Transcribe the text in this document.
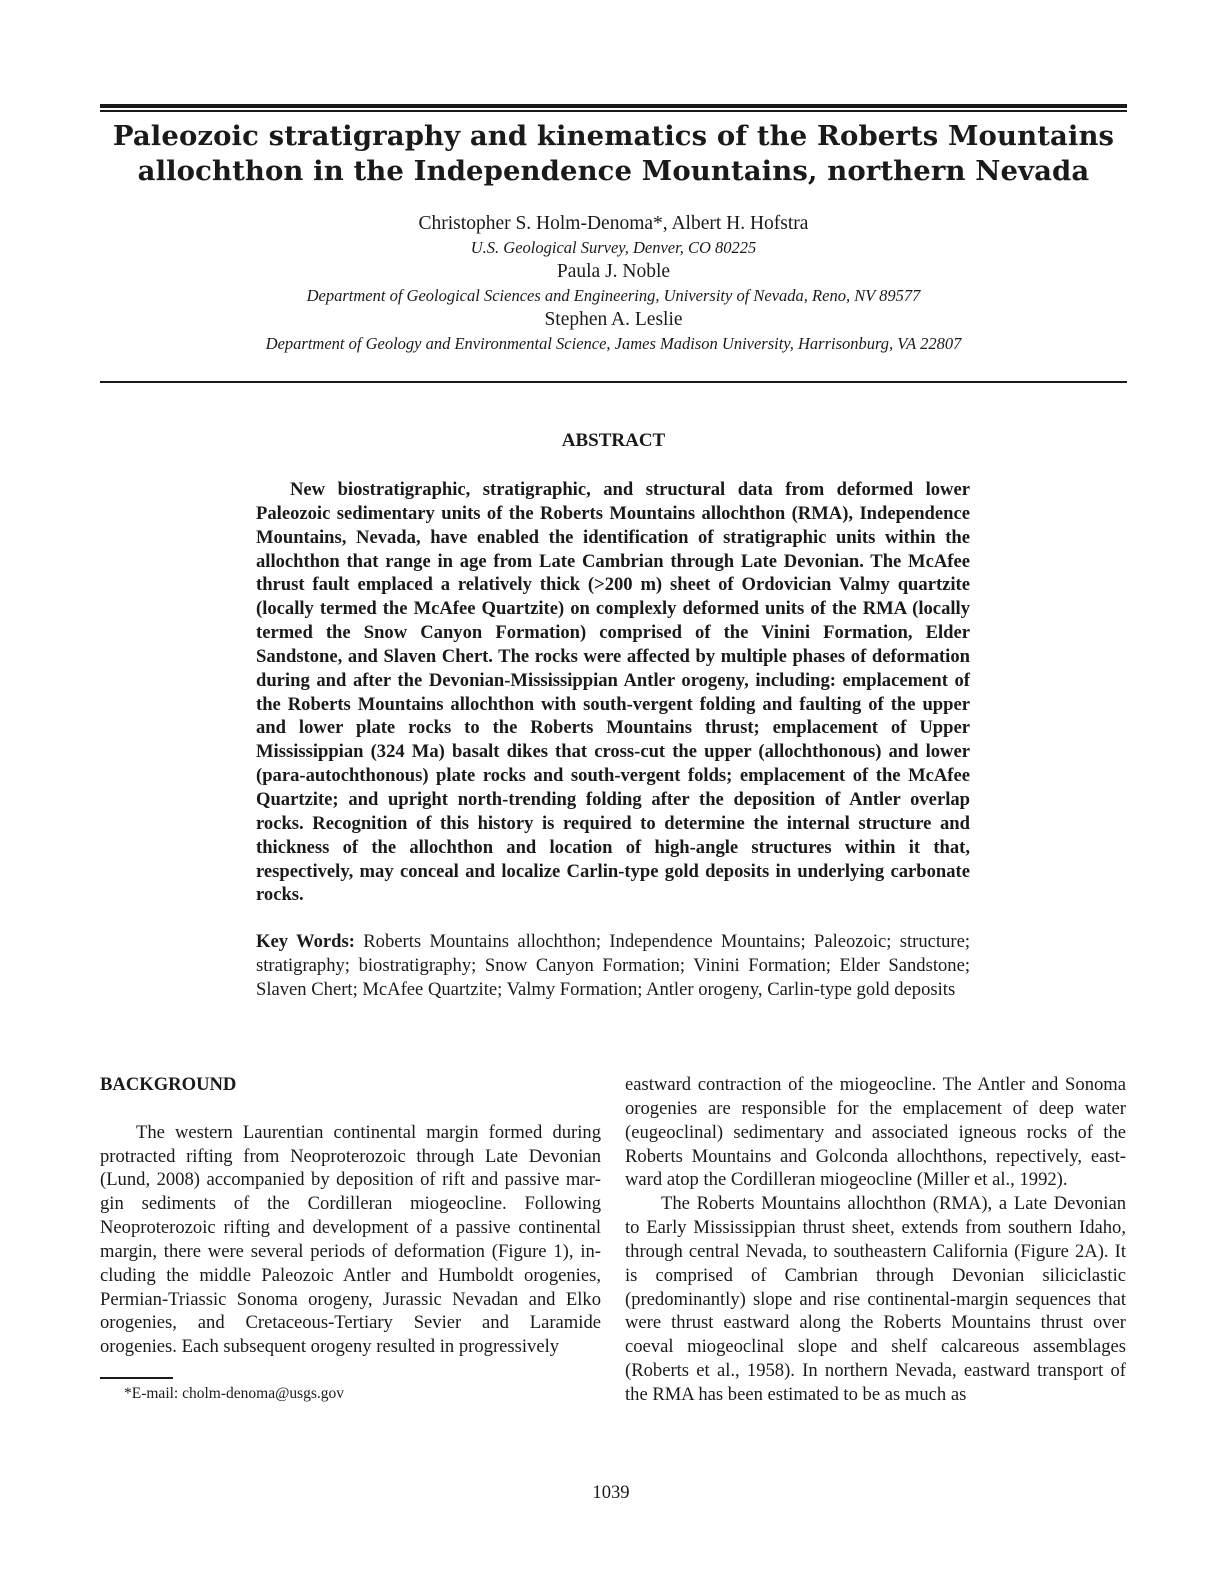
Paleozoic stratigraphy and kinematics of the Roberts Mountains
allochthon in the Independence Mountains, northern Nevada
Christopher S. Holm-Denoma*, Albert H. Hofstra
U.S. Geological Survey, Denver, CO 80225
Paula J. Noble
Department of Geological Sciences and Engineering, University of Nevada, Reno, NV 89577
Stephen A. Leslie
Department of Geology and Environmental Science, James Madison University, Harrisonburg, VA 22807
ABSTRACT

New biostratigraphic, stratigraphic, and structural data from deformed lower Paleozoic sedimentary units of the Roberts Mountains allochthon (RMA), Independence Mountains, Nevada, have enabled the identification of stratigraphic units within the allochthon that range in age from Late Cambrian through Late Devonian. The McAfee thrust fault emplaced a relatively thick (>200 m) sheet of Ordovician Valmy quartzite (locally termed the McAfee Quartzite) on complexly deformed units of the RMA (locally termed the Snow Canyon Formation) comprised of the Vinini Formation, Elder Sandstone, and Slaven Chert. The rocks were affected by multiple phases of deformation during and after the Devonian-Mississippian Antler orogeny, including: emplacement of the Roberts Mountains allochthon with south-vergent folding and faulting of the upper and lower plate rocks to the Roberts Mountains thrust; emplacement of Upper Mississippian (324 Ma) basalt dikes that cross-cut the upper (allochthonous) and lower (para-autochthonous) plate rocks and south-vergent folds; emplacement of the McAfee Quartzite; and upright north-trending folding after the deposition of Antler overlap rocks. Recognition of this history is required to determine the internal structure and thickness of the allochthon and location of high-angle structures within it that, respectively, may conceal and localize Carlin-type gold deposits in underlying carbonate rocks.

Key Words: Roberts Mountains allochthon; Independence Mountains; Paleozoic; structure; stratigraphy; biostratigraphy; Snow Canyon Formation; Vinini Formation; Elder Sandstone; Slaven Chert; McAfee Quartzite; Valmy Formation; Antler orogeny, Carlin-type gold deposits

BACKGROUND

The western Laurentian continental margin formed during protracted rifting from Neoproterozoic through Late Devonian (Lund, 2008) accompanied by deposition of rift and passive margin sediments of the Cordilleran miogeocline. Following Neoproterozoic rifting and development of a passive continental margin, there were several periods of deformation (Figure 1), including the middle Paleozoic Antler and Humboldt orogenies, Permian-Triassic Sonoma orogeny, Jurassic Nevadan and Elko orogenies, and Cretaceous-Tertiary Sevier and Laramide orogenies. Each subsequent orogeny resulted in progressively

eastward contraction of the miogeocline. The Antler and Sonoma orogenies are responsible for the emplacement of deep water (eugeoclinal) sedimentary and associated igneous rocks of the Roberts Mountains and Golconda allochthons, repectively, eastward atop the Cordilleran miogeocline (Miller et al., 1992).

The Roberts Mountains allochthon (RMA), a Late Devonian to Early Mississippian thrust sheet, extends from southern Idaho, through central Nevada, to southeastern California (Figure 2A). It is comprised of Cambrian through Devonian siliciclastic (predominantly) slope and rise continental-margin sequences that were thrust eastward along the Roberts Mountains thrust over coeval miogeoclinal slope and shelf calcareous assemblages (Roberts et al., 1958). In northern Nevada, eastward transport of the RMA has been estimated to be as much as

*E-mail: cholm-denoma@usgs.gov
1039
